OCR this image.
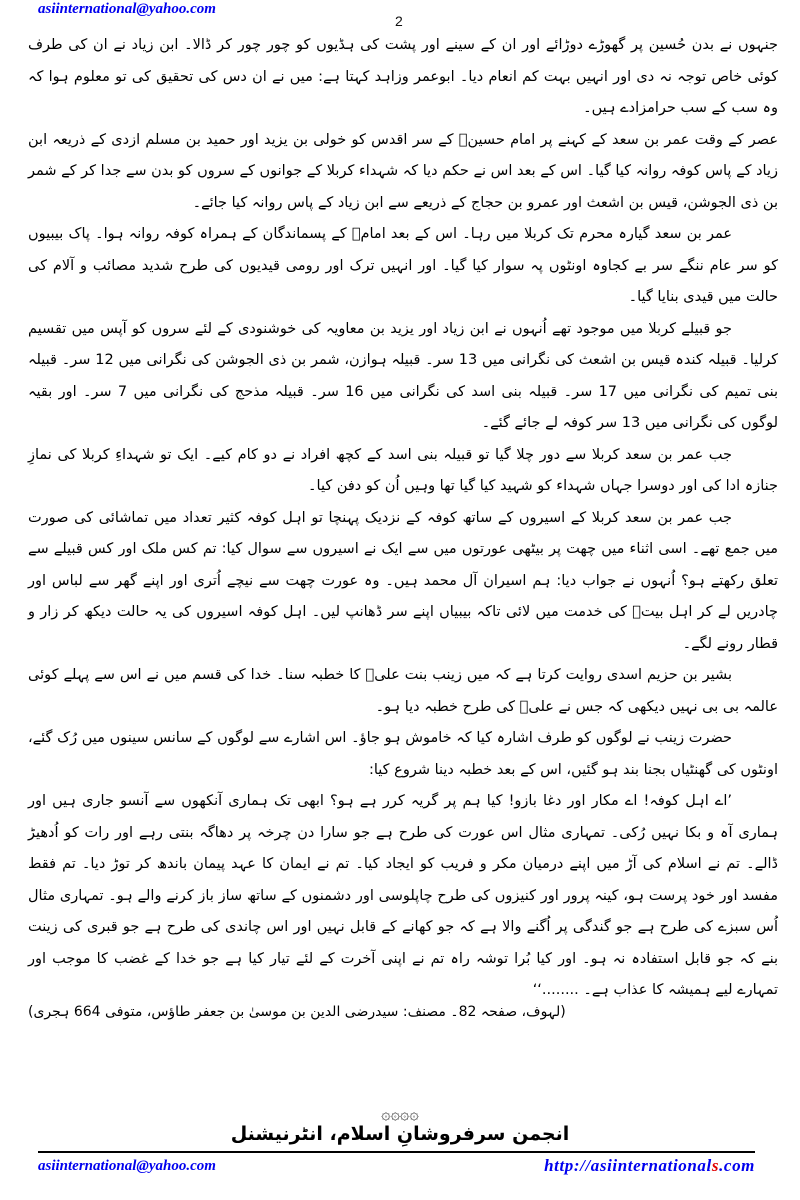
asiinternational@yahoo.com
2

جنہوں نے بدن حُسین پر گھوڑے دوڑائے اور ان کے سینے اور پشت کی ہڈیوں کو چور چور کر ڈالا۔ ابن زیاد نے ان کی طرف کوئی خاص توجہ نہ دی اور انہیں بہت کم انعام دیا۔ ابوعمر وزاہد کہتا ہے: میں نے ان دس کی تحقیق کی تو معلوم ہوا کہ وہ سب کے سب حرامزادے ہیں۔

عصر کے وقت عمر بن سعد کے کہنے پر امام حسینؑ کے سر اقدس کو خولی بن یزید اور حمید بن مسلم ازدی کے ذریعہ ابن زیاد کے پاس کوفہ روانہ کیا گیا۔ اس کے بعد اس نے حکم دیا کہ شہداء کربلا کے جوانوں کے سروں کو بدن سے جدا کر کے شمر بن ذی الجوشن، قیس بن اشعث اور عمرو بن حجاج کے ذریعے سے ابن زیاد کے پاس روانہ کیا جائے۔

عمر بن سعد گیارہ محرم تک کربلا میں رہا۔ اس کے بعد امامؑ کے پسماندگان کے ہمراہ کوفہ روانہ ہوا۔ پاک بیبیوں کو سر عام ننگے سر بے کجاوہ اونٹوں پہ سوار کیا گیا۔ اور انہیں ترک اور رومی قیدیوں کی طرح شدید مصائب و آلام کی حالت میں قیدی بنایا گیا۔

جو قبیلے کربلا میں موجود تھے اُنہوں نے ابن زیاد اور یزید بن معاویہ کی خوشنودی کے لئے سروں کو آپس میں تقسیم کرلیا۔ قبیلہ کندہ قیس بن اشعث کی نگرانی میں 13 سر۔ قبیلہ ہوازن، شمر بن ذی الجوشن کی نگرانی میں 12 سر۔ قبیلہ بنی تمیم کی نگرانی میں 17 سر۔ قبیلہ بنی اسد کی نگرانی میں 16 سر۔ قبیلہ مذحج کی نگرانی میں 7 سر۔ اور بقیہ لوگوں کی نگرانی میں 13 سر کوفہ لے جائے گئے۔

جب عمر بن سعد کربلا سے دور چلا گیا تو قبیلہ بنی اسد کے کچھ افراد نے دو کام کیے۔ ایک تو شہداءِ کربلا کی نمازِ جنازہ ادا کی اور دوسرا جہاں شہداء کو شہید کیا گیا تھا وہیں اُن کو دفن کیا۔

جب عمر بن سعد کربلا کے اسیروں کے ساتھ کوفہ کے نزدیک پہنچا تو اہل کوفہ کثیر تعداد میں تماشائی کی صورت میں جمع تھے۔ اسی اثناء میں چھت پر بیٹھی عورتوں میں سے ایک نے اسیروں سے سوال کیا: تم کس ملک اور کس قبیلے سے تعلق رکھتے ہو؟ اُنہوں نے جواب دیا: ہم اسیران آل محمد ہیں۔ وہ عورت چھت سے نیچے اُتری اور اپنے گھر سے لباس اور چادریں لے کر اہل بیتؑ کی خدمت میں لائی تاکہ بیبیاں اپنے سر ڈھانپ لیں۔ اہل کوفہ اسیروں کی یہ حالت دیکھ کر زار و قطار رونے لگے۔

بشیر بن حزیم اسدی روایت کرتا ہے کہ میں زینب بنت علیؑ کا خطبہ سنا۔ خدا کی قسم میں نے اس سے پہلے کوئی عالمہ بی بی نہیں دیکھی کہ جس نے علیؑ کی طرح خطبہ دیا ہو۔

حضرت زینب نے لوگوں کو طرف اشارہ کیا کہ خاموش ہو جاؤ۔ اس اشارے سے لوگوں کے سانس سینوں میں رُک گئے، اونٹوں کی گھنٹیاں بجنا بند ہو گئیں، اس کے بعد خطبہ دینا شروع کیا:

’اے اہل کوفہ! اے مکار اور دغا بازو! کیا ہم پر گریہ کرر ہے ہو؟ ابھی تک ہماری آنکھوں سے آنسو جاری ہیں اور ہماری آہ و بکا نہیں رُکی۔ تمہاری مثال اس عورت کی طرح ہے جو سارا دن چرخہ پر دھاگہ بنتی رہے اور رات کو اُدھیڑ ڈالے۔ تم نے اسلام کی آڑ میں اپنے درمیان مکر و فریب کو ایجاد کیا۔ تم نے ایمان کا عہد پیمان باندھ کر توڑ دیا۔ تم فقط مفسد اور خود پرست ہو، کینہ پرور اور کنیزوں کی طرح چاپلوسی اور دشمنوں کے ساتھ ساز باز کرنے والے ہو۔ تمہاری مثال اُس سبزے کی طرح ہے جو گندگی پر اُگنے والا ہے کہ جو کھانے کے قابل نہیں اور اس چاندی کی طرح ہے جو قبری کی زینت بنے کہ جو قابل استفادہ نہ ہو۔ اور کیا بُرا توشہ راہ تم نے اپنی آخرت کے لئے تیار کیا ہے جو خدا کے غضب کا موجب اور تمہارے لیے ہمیشہ کا عذاب ہے۔ ........‘‘

(لہوف، صفحہ 82۔ مصنف: سیدرضی الدین بن موسیٰ بن جعفر طاؤس، متوفی 664 ہجری)

۞۞۞۞
انجمن سرفروشانِ اسلام، انٹرنیشنل
asiinternational@yahoo.com	http://asiinternationals.com
